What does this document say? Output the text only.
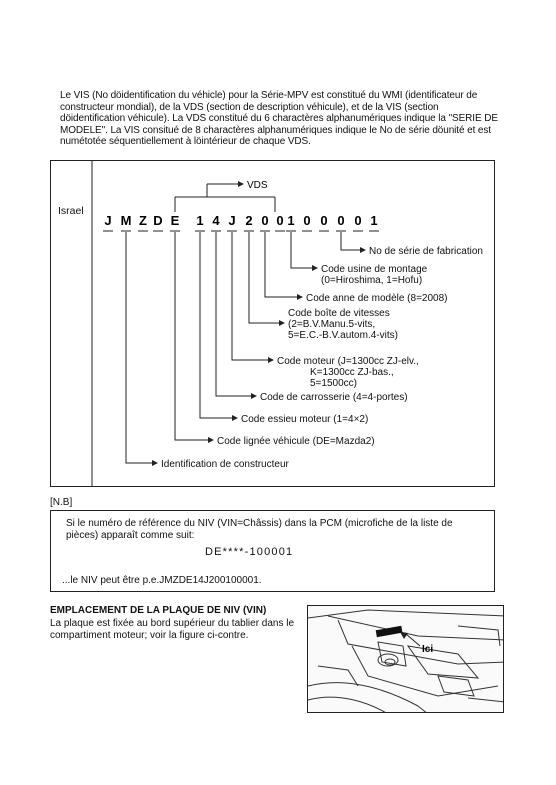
Le VIS (No döidentification du véhicle) pour la Série-MPV est constitué du WMI (identificateur de constructeur mondial), de la VDS (section de description véhicule), et de la VIS (section döidentification véhicule). La VDS constitué du 6 charactères alphanumériques indique la "SERIE DE MODELE". La VIS consitué de 8 charactères alphanumériques indique le No de série döunité et est numétotée séquentiellement à löintérieur de chaque VDS.

Israel
VDS
J M Z D E 1 4 J 2 0 0 1 0 0 0 0 1
No de série de fabrication
Code usine de montage
(0=Hiroshima, 1=Hofu)
Code anne de modèle (8=2008)
Code boîte de vitesses
(2=B.V.Manu.5-vits,
5=E.C.-B.V.autom.4-vits)
Code moteur (J=1300cc ZJ-elv.,
K=1300cc ZJ-bas.,
5=1500cc)
Code de carrosserie (4=4-portes)
Code essieu moteur (1=4×2)
Code lignée véhicule (DE=Mazda2)
Identification de constructeur
[N.B]

Si le numéro de référence du NIV (VIN=Châssis) dans la PCM (microfiche de la liste de pièces) apparaît comme suit:

DE****-100001
...le NIV peut être p.e.JMZDE14J200100001.
EMPLACEMENT DE LA PLAQUE DE NIV (VIN)

La plaque est fixée au bord supérieur du tablier dans le compartiment moteur; voir la figure ci-contre.

Ici
